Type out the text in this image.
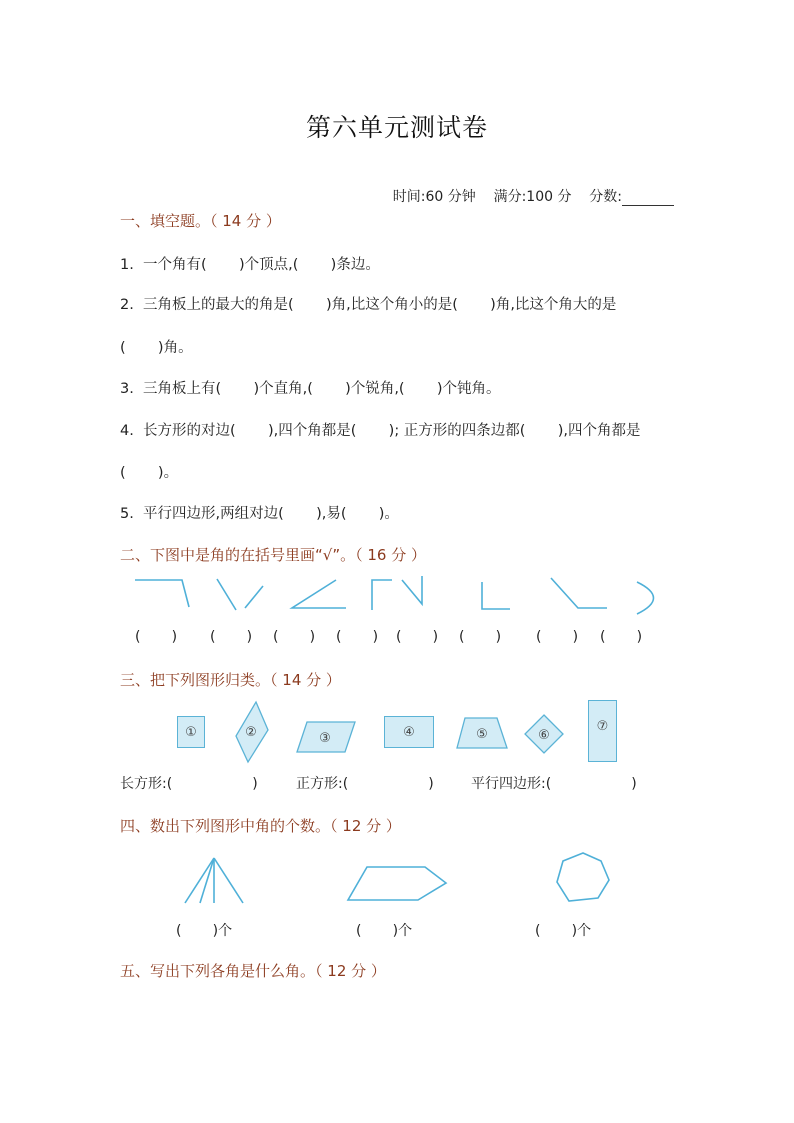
第六单元测试卷

时间:60 分钟 满分:100 分 分数:

一、填空题。（ 14 分 ）
1.  一个角有(       )个顶点,(       )条边。
2.  三角板上的最大的角是(       )角,比这个角小的是(       )角,比这个角大的是
(       )角。
3.  三角板上有(       )个直角,(       )个锐角,(       )个钝角。
4.  长方形的对边(       ),四个角都是(       ); 正方形的四条边都(       ),四个角都是
(       )。
5.  平行四边形,两组对边(       ),易(       )。
二、下图中是角的在括号里画“√”。（ 16 分 ）
(       ) (       ) (       ) (       ) (       ) (       ) (       ) (       )
三、把下列图形归类。（ 14 分 ）
①	②	③	④	⑤	⑥
⑦
长方形:(                  )	正方形:(                  )	平行四边形:(                  )
四、数出下列图形中角的个数。（ 12 分 ）
(       )个	(       )个	(       )个
五、写出下列各角是什么角。（ 12 分 ）
